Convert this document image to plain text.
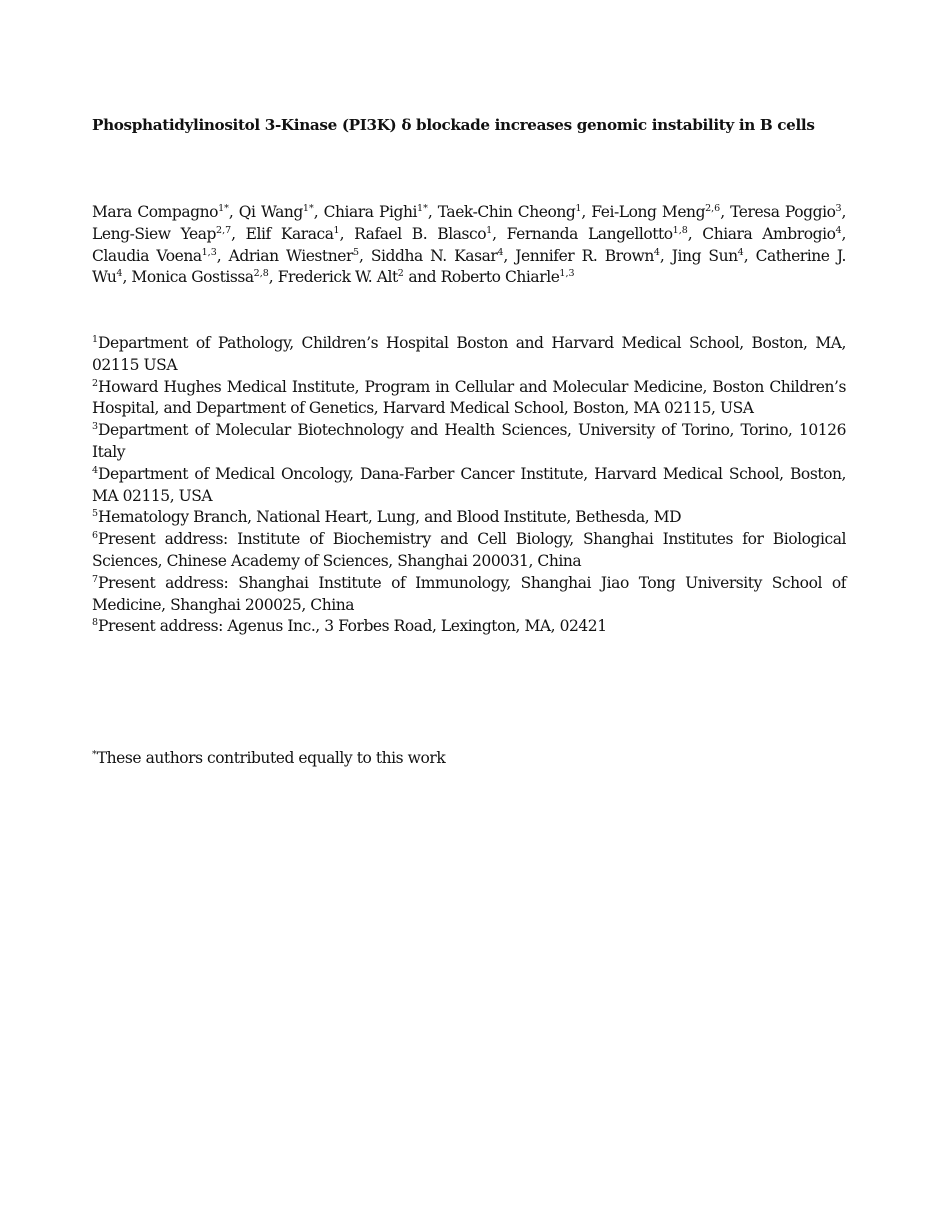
Phosphatidylinositol 3-Kinase (PI3K) δ blockade increases genomic instability in B cells
Mara Compagno$^{1*}$, Qi Wang$^{1*}$, Chiara Pighi$^{1*}$, Taek-Chin Cheong$^1$, Fei-Long Meng$^{2,6}$, Teresa Poggio$^3$, Leng-Siew Yeap$^{2,7}$, Elif Karaca$^1$, Rafael B. Blasco$^1$, Fernanda Langellotto$^{1,8}$, Chiara Ambrogio$^4$, Claudia Voena$^{1,3}$, Adrian Wiestner$^5$, Siddha N. Kasar$^4$, Jennifer R. Brown$^4$, Jing Sun$^4$, Catherine J. Wu$^4$, Monica Gostissa$^{2,8}$, Frederick W. Alt$^2$ and Roberto Chiarle$^{1,3}$
$^1$Department of Pathology, Children’s Hospital Boston and Harvard Medical School, Boston, MA, 02115 USA
$^2$Howard Hughes Medical Institute, Program in Cellular and Molecular Medicine, Boston Children’s Hospital, and Department of Genetics, Harvard Medical School, Boston, MA 02115, USA
$^3$Department of Molecular Biotechnology and Health Sciences, University of Torino, Torino, 10126 Italy
$^4$Department of Medical Oncology, Dana-Farber Cancer Institute, Harvard Medical School, Boston, MA 02115, USA
$^5$Hematology Branch, National Heart, Lung, and Blood Institute, Bethesda, MD
$^6$Present address: Institute of Biochemistry and Cell Biology, Shanghai Institutes for Biological Sciences, Chinese Academy of Sciences, Shanghai 200031, China
$^7$Present address: Shanghai Institute of Immunology, Shanghai Jiao Tong University School of Medicine, Shanghai 200025, China
$^8$Present address: Agenus Inc., 3 Forbes Road, Lexington, MA, 02421
*These authors contributed equally to this work
